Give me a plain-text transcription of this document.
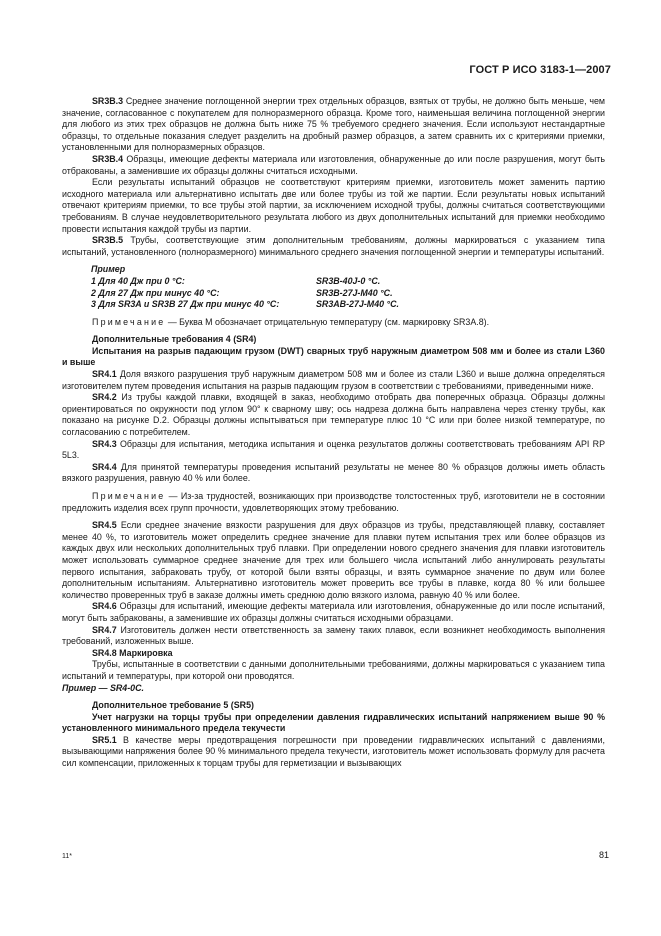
ГОСТ Р ИСО 3183-1—2007

SR3B.3 Среднее значение поглощенной энергии трех отдельных образцов, взятых от трубы, не должно быть меньше, чем значение, согласованное с покупателем для полноразмерного образца. Кроме того, наименьшая величина поглощенной энергии для любого из этих трех образцов не должна быть ниже 75 % требуемого среднего значения. Если используют нестандартные образцы, то отдельные показания следует разделить на дробный размер образцов, а затем сравнить их с критериями приемки, установленными для полноразмерных образцов.

SR3B.4 Образцы, имеющие дефекты материала или изготовления, обнаруженные до или после разрушения, могут быть отбракованы, а заменившие их образцы должны считаться исходными.

Если результаты испытаний образцов не соответствуют критериям приемки, изготовитель может заменить партию исходного материала или альтернативно испытать две или более трубы из той же партии. Если результаты новых испытаний отвечают критериям приемки, то все трубы этой партии, за исключением исходной трубы, должны считаться соответствующими требованиям. В случае неудовлетворительного результата любого из двух дополнительных испытаний для приемки необходимо провести испытания каждой трубы из партии.

SR3B.5 Трубы, соответствующие этим дополнительным требованиям, должны маркироваться с указанием типа испытаний, установленного (полноразмерного) минимального среднего значения поглощенной энергии и температуры испытаний.

Пример
1 Для 40 Дж при 0 °С:	SR3B-40J-0 °C.
2 Для 27 Дж при минус 40 °С:	SR3B-27J-M40 °C.
3 Для SR3A и SR3B 27 Дж при минус 40 °С:	SR3AB-27J-M40 °C.

Примечание — Буква М обозначает отрицательную температуру (см. маркировку SR3A.8).

Дополнительные требования 4 (SR4)

Испытания на разрыв падающим грузом (DWT) сварных труб наружным диаметром 508 мм и более из стали L360 и выше

SR4.1 Доля вязкого разрушения труб наружным диаметром 508 мм и более из стали L360 и выше должна определяться изготовителем путем проведения испытания на разрыв падающим грузом в соответствии с требованиями, приведенными ниже.

SR4.2 Из трубы каждой плавки, входящей в заказ, необходимо отобрать два поперечных образца. Образцы должны ориентироваться по окружности под углом 90° к сварному шву; ось надреза должна быть направлена через стенку трубы, как показано на рисунке D.2. Образцы должны испытываться при температуре плюс 10 °С или при более низкой температуре, по согласованию с потребителем.

SR4.3 Образцы для испытания, методика испытания и оценка результатов должны соответствовать требованиям API RP 5L3.

SR4.4 Для принятой температуры проведения испытаний результаты не менее 80 % образцов должны иметь область вязкого разрушения, равную 40 % или более.

Примечание — Из-за трудностей, возникающих при производстве толстостенных труб, изготовители не в состоянии предложить изделия всех групп прочности, удовлетворяющих этому требованию.

SR4.5 Если среднее значение вязкости разрушения для двух образцов из трубы, представляющей плавку, составляет менее 40 %, то изготовитель может определить среднее значение для плавки путем испытания трех или более образцов из каждых двух или нескольких дополнительных труб плавки. При определении нового среднего значения для плавки изготовитель может использовать суммарное среднее значение для трех или большего числа испытаний либо аннулировать результаты первого испытания, забраковать трубу, от которой были взяты образцы, и взять суммарное значение по двум или более дополнительным испытаниям. Альтернативно изготовитель может проверить все трубы в плавке, когда 80 % или большее количество проверенных труб в заказе должны иметь среднюю долю вязкого излома, равную 40 % или более.

SR4.6 Образцы для испытаний, имеющие дефекты материала или изготовления, обнаруженные до или после испытаний, могут быть забракованы, а заменившие их образцы должны считаться исходными образцами.

SR4.7 Изготовитель должен нести ответственность за замену таких плавок, если возникнет необходимость выполнения требований, изложенных выше.

SR4.8 Маркировка

Трубы, испытанные в соответствии с данными дополнительными требованиями, должны маркироваться с указанием типа испытаний и температуры, при которой они проводятся.

Пример — SR4-0C.

Дополнительное требование 5 (SR5)

Учет нагрузки на торцы трубы при определении давления гидравлических испытаний напряжением выше 90 % установленного минимального предела текучести

SR5.1 В качестве меры предотвращения погрешности при проведении гидравлических испытаний с давлениями, вызывающими напряжения более 90 % минимального предела текучести, изготовитель может использовать формулу для расчета сил компенсации, приложенных к торцам трубы для герметизации и вызывающих

11*	81
